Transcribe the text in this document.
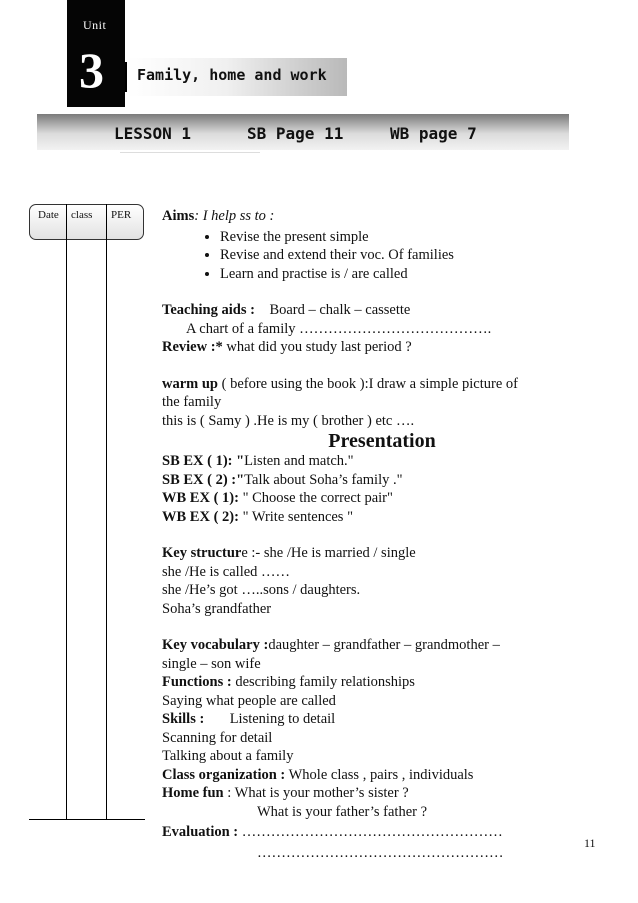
Unit
3 Family, home and work
LESSON 1	SB Page 11	WB page 7
Date class PER Aims: I help ss to :

• Revise the present simple
• Revise and extend their voc. Of families
• Learn and practise is / are called

Teaching aids : Board – chalk – cassette

A chart of a family ………………………………….

Review :* what did you study last period ?

warm up ( before using the book ):I draw a simple picture of

the family

this is ( Samy ) .He is my ( brother ) etc ….

Presentation

SB EX ( 1): "Listen and match."

SB EX ( 2) :"Talk about Soha’s family ."

WB EX ( 1): " Choose the correct pair"

WB EX ( 2): " Write sentences "

Key structure :- she /He is married / single

she /He is called ……

she /He’s got …..sons / daughters.

Soha’s grandfather

Key vocabulary :daughter – grandfather – grandmother –

single – son wife

Functions : describing family relationships

Saying what people are called

Skills :       Listening to detail

Scanning for detail

Talking about a family

Class organization : Whole class , pairs , individuals

Home fun : What is your mother’s sister ?

What is your father’s father ?

Evaluation : ………………………………………………

……………………………………………

11
